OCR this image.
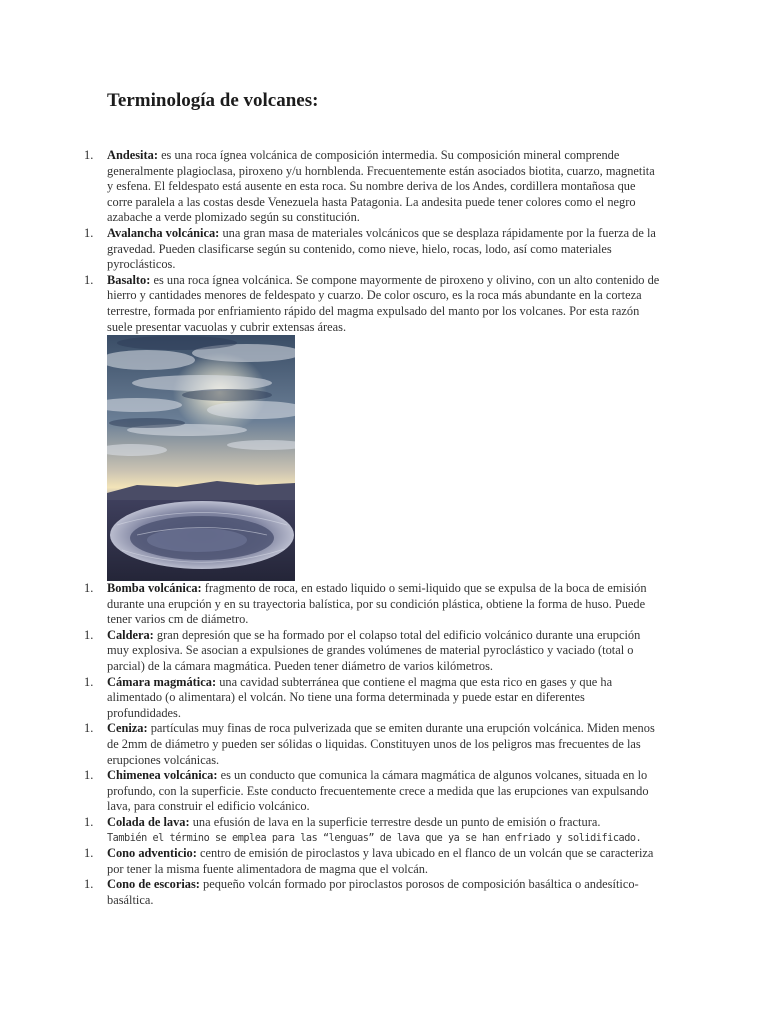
Terminología de volcanes:
1. Andesita: es una roca ígnea volcánica de composición intermedia. Su composición mineral comprende generalmente plagioclasa, piroxeno y/u hornblenda. Frecuentemente están asociados biotita, cuarzo, magnetita y esfena. El feldespato está ausente en esta roca. Su nombre deriva de los Andes, cordillera montañosa que corre paralela a las costas desde Venezuela hasta Patagonia. La andesita puede tener colores como el negro azabache a verde plomizado según su constitución.
1. Avalancha volcánica: una gran masa de materiales volcánicos que se desplaza rápidamente por la fuerza de la gravedad. Pueden clasificarse según su contenido, como nieve, hielo, rocas, lodo, así como materiales pyroclásticos.
1. Basalto: es una roca ígnea volcánica. Se compone mayormente de piroxeno y olivino, con un alto contenido de hierro y cantidades menores de feldespato y cuarzo. De color oscuro, es la roca más abundante en la corteza terrestre, formada por enfriamiento rápido del magma expulsado del manto por los volcanes. Por esta razón suele presentar vacuolas y cubrir extensas áreas.
1. Bomba volcánica: fragmento de roca, en estado liquido o semi-liquido que se expulsa de la boca de emisión durante una erupción y en su trayectoria balística, por su condición plástica, obtiene la forma de huso. Puede tener varios cm de diámetro.
1. Caldera: gran depresión que se ha formado por el colapso total del edificio volcánico durante una erupción muy explosiva. Se asocian a expulsiones de grandes volúmenes de material pyroclástico y vaciado (total o parcial) de la cámara magmática. Pueden tener diámetro de varios kilómetros.
1. Cámara magmática: una cavidad subterránea que contiene el magma que esta rico en gases y que ha alimentado (o alimentara) el volcán. No tiene una forma determinada y puede estar en diferentes profundidades.
1. Ceniza: partículas muy finas de roca pulverizada que se emiten durante una erupción volcánica. Miden menos de 2mm de diámetro y pueden ser sólidas o liquidas. Constituyen unos de los peligros mas frecuentes de las erupciones volcánicas.
1. Chimenea volcánica: es un conducto que comunica la cámara magmática de algunos volcanes, situada en lo profundo, con la superficie. Este conducto frecuentemente crece a medida que las erupciones van expulsando lava, para construir el edificio volcánico.
1. Colada de lava: una efusión de lava en la superficie terrestre desde un punto de emisión o fractura.
También el término se emplea para las “lenguas” de lava que ya se han enfriado y solidificado.
1. Cono adventicio: centro de emisión de piroclastos y lava ubicado en el flanco de un volcán que se caracteriza por tener la misma fuente alimentadora de magma que el volcán.
1. Cono de escorias: pequeño volcán formado por piroclastos porosos de composición basáltica o andesítico-basáltica.
